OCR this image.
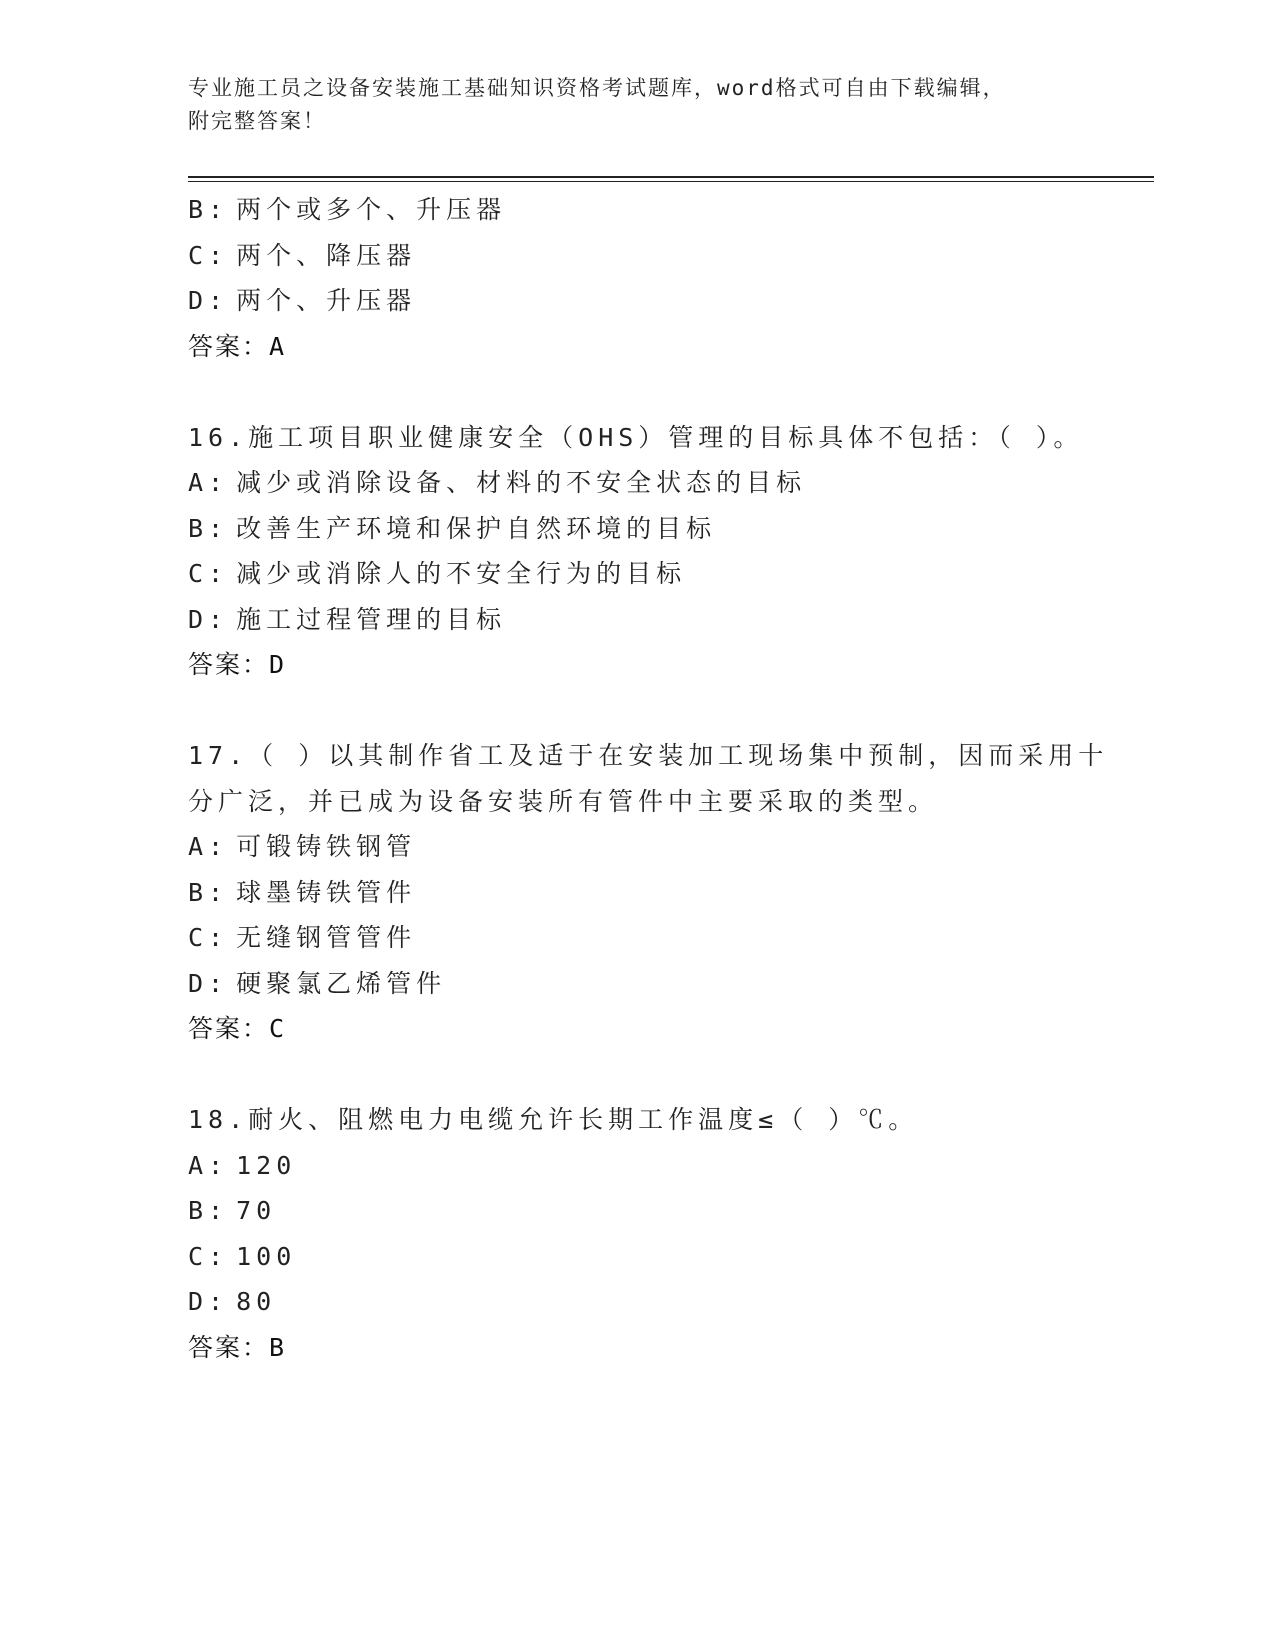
专业施工员之设备安装施工基础知识资格考试题库，word格式可自由下载编辑，
附完整答案！
B: 两个或多个、升压器
C: 两个、降压器
D: 两个、升压器
答案：A
16.施工项目职业健康安全（OHS）管理的目标具体不包括：（ ）。
A: 减少或消除设备、材料的不安全状态的目标
B: 改善生产环境和保护自然环境的目标
C: 减少或消除人的不安全行为的目标
D: 施工过程管理的目标
答案：D
17.（ ）以其制作省工及适于在安装加工现场集中预制，因而采用十
分广泛，并已成为设备安装所有管件中主要采取的类型。
A: 可锻铸铁钢管
B: 球墨铸铁管件
C: 无缝钢管管件
D: 硬聚氯乙烯管件
答案：C
18.耐火、阻燃电力电缆允许长期工作温度≤（ ）℃。
A: 120
B: 70
C: 100
D: 80
答案：B
